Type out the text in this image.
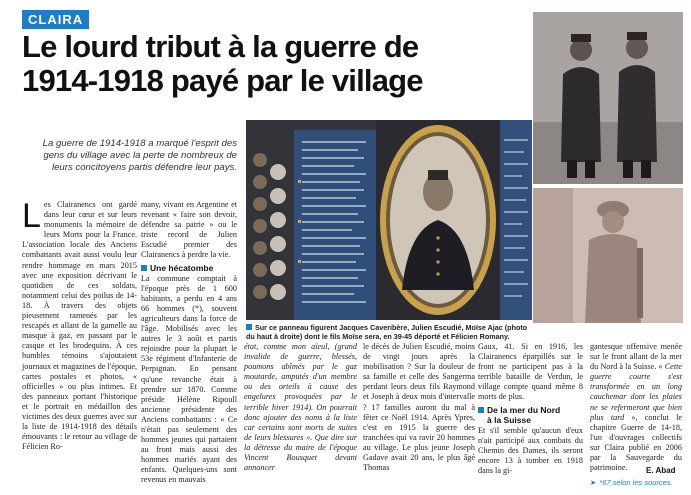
CLAIRA
Le lourd tribut à la guerre de
1914-1918 payé par le village

La guerre de 1914-1918 a marqué l'esprit des gens du village avec la perte de nombreux de leurs concitoyens partis défendre leur pays.

Sur ce panneau figurent Jacques Caveribère, Julien Escudié, Moïse Ajac (photo du haut à droite) dont le fils Moïse sera, en 39-45 déporté et Félicien Romany.

Les Clairanencs ont gardé dans leur cœur et sur leurs monuments la mémoire de leurs Morts pour la France. L'association locale des Anciens combattants avait aussi voulu leur rendre hommage en mars 2015 avec une exposition décrivant le quotidien de ces soldats, notamment celui des poilus de 14-18. À travers des objets pieusement ramenés par les rescapés et allant de la gamelle au masque à gaz, en passant par le casque et les brodequins. À ces humbles témoins s'ajoutaient journaux et magazines de l'époque, cartes postales et photos, « officielles » ou plus intimes. Et des panneaux portant l'historique et le portrait en médaillon des victimes des deux guerres avec sur la liste de 1914-1918 des détails émouvants : le retour au village de Félicien Ro-

many, vivant en Argentine et revenant « faire son devoir, défendre sa patrie » ou le triste record de Julien Escudié premier des Clairanencs à perdre la vie.

Une hécatombe

La commune comptait à l'époque près de 1 600 habitants, a perdu en 4 ans 66 hommes (*), souvent agriculteurs dans la force de l'âge. Mobilisés avec les autres le 3 août et partis rejoindre pour la plupart le 53e régiment d'Infanterie de Perpignan. En pensant qu'une revanche était à prendre sur 1870. Comme préside Hélène Ripoull ancienne présidente des Anciens combattants : « Ce n'était pas seulement des hommes jeunes qui partaient au front mais aussi des hommes mariés ayant des enfants. Quelques-uns sont revenus en mauvais

état, comme mon aïeul, (grand invalide de guerre, blessés, poumons abîmés par le gaz moutarde, amputés d'un membre ou des orteils à cause des engelures provoquées par le terrible hiver 1914). On pourrait donc ajouter des noms à la liste car certains sont morts de suites de leurs blessures ». Que dire sur la détresse du maire de l'époque Vincent Bousquet devant annoncer
le décès de Julien Escudié, moins de vingt jours après la mobilisation ? Sur la douleur de sa famille et celle des Sangerma perdant leurs deux fils Raymond et Joseph à deux mois d'intervalle ? 17 familles auront du mal à fêter ce Noël 1914. Après Ypres, c'est en 1915 la guerre des tranchées qui va ravir 20 hommes au village. Le plus jeune Joseph Gadave avait 20 ans, le plus âgé Thomas

Gaux, 41. Si en 1916, les Clairanencs éparpillés sur le front ne participent pas à la terrible bataille de Verdun, le village compte quand même 8 morts de plus.

De la mer du Nord
à la Suisse

Et s'il semble qu'aucun d'eux n'ait participé aux combats du Chemin des Dames, ils seront encore 13 à tomber en 1918 dans la gi-

gantesque offensive menée sur le front allant de la mer du Nord à la Suisse. « Cette guerre courte s'est transformée en un long cauchemar dont les plaies ne se refermeront que bien plus tard », conclut le chapitre Guerre de 14-18, l'un d'ouvrages collectifs sur Claira publié en 2006 par la Sauvegarde du patrimoine.	E. Abad
➤ *67 selon les sources.
